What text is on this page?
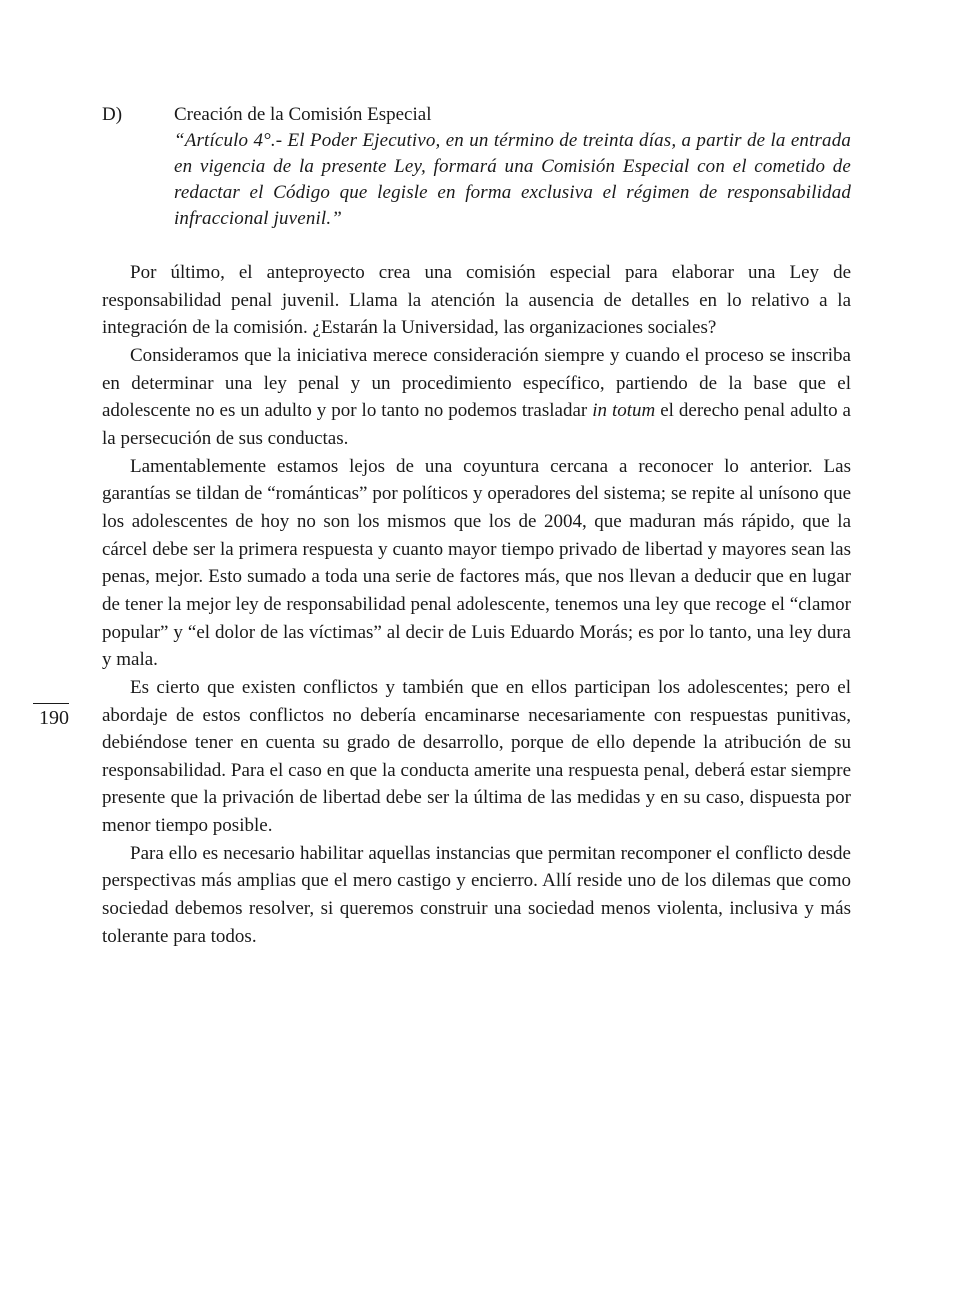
D)	Creación de la Comisión Especial
“Artículo 4°.- El Poder Ejecutivo, en un término de treinta días, a partir de la entrada en vigencia de la presente Ley, formará una Comisión Especial con el cometido de redactar el Código que legisle en forma exclusiva el régimen de responsabilidad infraccional juvenil.”

Por último, el anteproyecto crea una comisión especial para elaborar una Ley de responsabilidad penal juvenil. Llama la atención la ausencia de detalles en lo relativo a la integración de la comisión. ¿Estarán la Universidad, las organizaciones sociales?

Consideramos que la iniciativa merece consideración siempre y cuando el proceso se inscriba en determinar una ley penal y un procedimiento específico, partiendo de la base que el adolescente no es un adulto y por lo tanto no podemos trasladar in totum el derecho penal adulto a la persecución de sus conductas.

Lamentablemente estamos lejos de una coyuntura cercana a reconocer lo anterior. Las garantías se tildan de “románticas” por políticos y operadores del sistema; se repite al unísono que los adolescentes de hoy no son los mismos que los de 2004, que maduran más rápido, que la cárcel debe ser la primera respuesta y cuanto mayor tiempo privado de libertad y mayores sean las penas, mejor. Esto sumado a toda una serie de factores más, que nos llevan a deducir que en lugar de tener la mejor ley de responsabilidad penal adolescente, tenemos una ley que recoge el “clamor popular” y “el dolor de las víctimas” al decir de Luis Eduardo Morás; es por lo tanto, una ley dura y mala.

Es cierto que existen conflictos y también que en ellos participan los adolescentes; pero el abordaje de estos conflictos no debería encaminarse necesariamente con respuestas punitivas, debiéndose tener en cuenta su grado de desarrollo, porque de ello depende la atribución de su responsabilidad. Para el caso en que la conducta amerite una respuesta penal, deberá estar siempre presente que la privación de libertad debe ser la última de las medidas y en su caso, dispuesta por menor tiempo posible.

Para ello es necesario habilitar aquellas instancias que permitan recomponer el conflicto desde perspectivas más amplias que el mero castigo y encierro. Allí reside uno de los dilemas que como sociedad debemos resolver, si queremos construir una sociedad menos violenta, inclusiva y más tolerante para todos.

190
